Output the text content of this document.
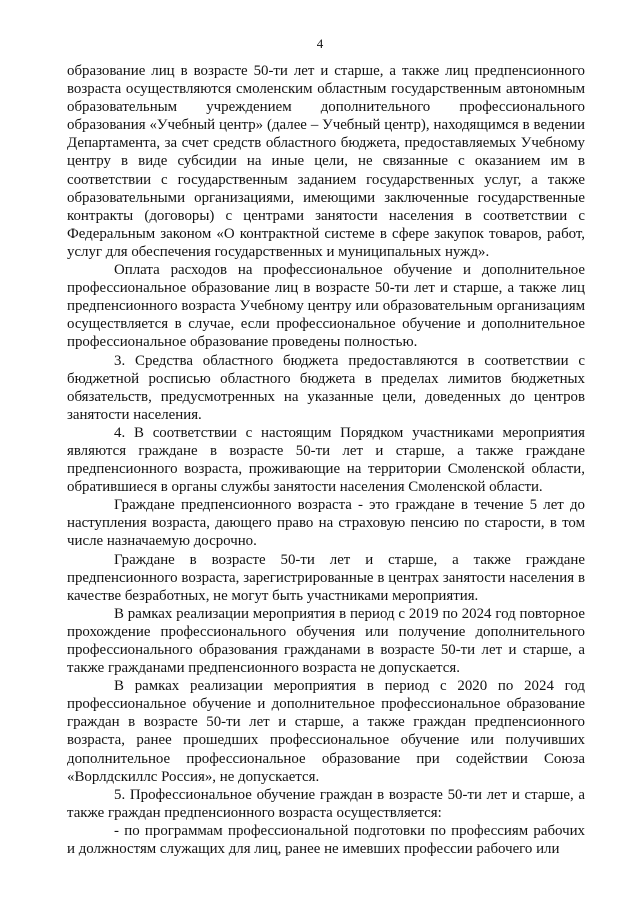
4

образование лиц в возрасте 50-ти лет и старше, а также лиц предпенсионного возраста осуществляются смоленским областным государственным автономным образовательным учреждением дополнительного профессионального образования «Учебный центр» (далее – Учебный центр), находящимся в ведении Департамента, за счет средств областного бюджета, предоставляемых Учебному центру в виде субсидии на иные цели, не связанные с оказанием им в соответствии с государственным заданием государственных услуг, а также образовательными организациями, имеющими заключенные государственные контракты (договоры) с центрами занятости населения в соответствии с Федеральным законом «О контрактной системе в сфере закупок товаров, работ, услуг для обеспечения государственных и муниципальных нужд».

Оплата расходов на профессиональное обучение и дополнительное профессиональное образование лиц в возрасте 50-ти лет и старше, а также лиц предпенсионного возраста Учебному центру или образовательным организациям осуществляется в случае, если профессиональное обучение и дополнительное профессиональное образование проведены полностью.

3. Средства областного бюджета предоставляются в соответствии с бюджетной росписью областного бюджета в пределах лимитов бюджетных обязательств, предусмотренных на указанные цели, доведенных до центров занятости населения.

4. В соответствии с настоящим Порядком участниками мероприятия являются граждане в возрасте 50-ти лет и старше, а также граждане предпенсионного возраста, проживающие на территории Смоленской области, обратившиеся в органы службы занятости населения Смоленской области.

Граждане предпенсионного возраста - это граждане в течение 5 лет до наступления возраста, дающего право на страховую пенсию по старости, в том числе назначаемую досрочно.

Граждане в возрасте 50-ти лет и старше, а также граждане предпенсионного возраста, зарегистрированные в центрах занятости населения в качестве безработных, не могут быть участниками мероприятия.

В рамках реализации мероприятия в период с 2019 по 2024 год повторное прохождение профессионального обучения или получение дополнительного профессионального образования гражданами в возрасте 50-ти лет и старше, а также гражданами предпенсионного возраста не допускается.

В рамках реализации мероприятия в период с 2020 по 2024 год профессиональное обучение и дополнительное профессиональное образование граждан в возрасте 50-ти лет и старше, а также граждан предпенсионного возраста, ранее прошедших профессиональное обучение или получивших дополнительное профессиональное образование при содействии Союза «Ворлдскиллс Россия», не допускается.

5. Профессиональное обучение граждан в возрасте 50-ти лет и старше, а также граждан предпенсионного возраста осуществляется:

- по программам профессиональной подготовки по профессиям рабочих и должностям служащих для лиц, ранее не имевших профессии рабочего или
